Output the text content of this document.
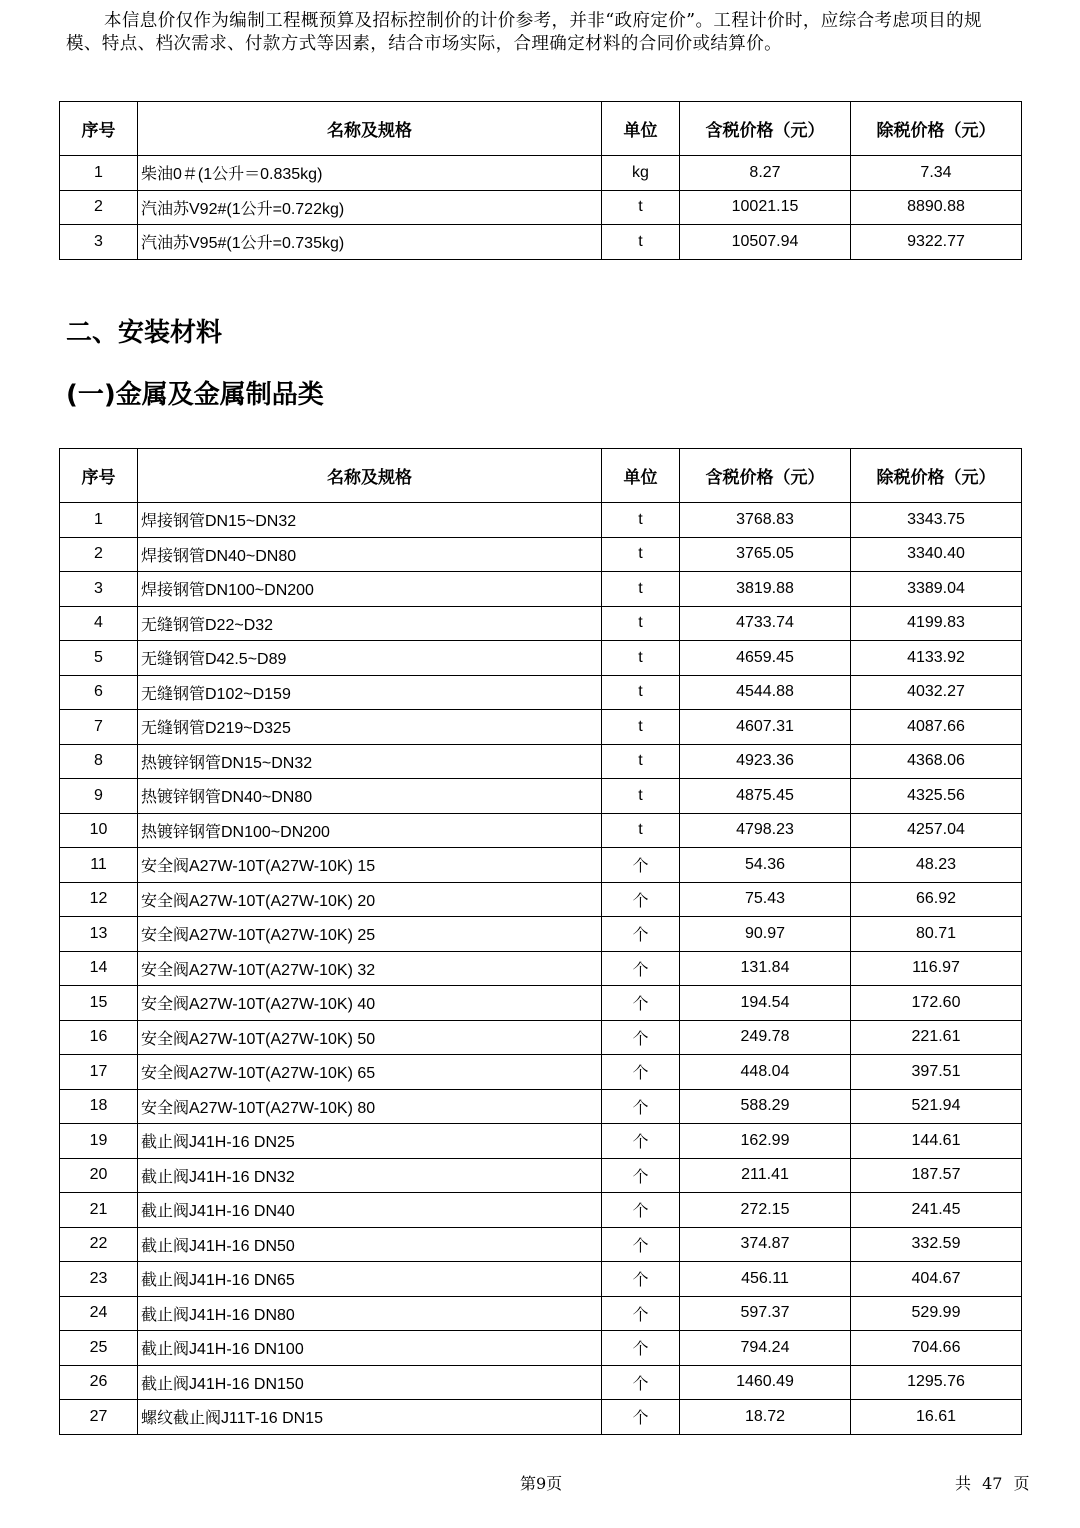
本信息价仅作为编制工程概预算及招标控制价的计价参考，并非“政府定价”。工程计价时，应综合考虑项目的规模、特点、档次需求、付款方式等因素，结合市场实际，合理确定材料的合同价或结算价。
序号	名称及规格	单位	含税价格（元）	除税价格（元）
1	柴油0＃(1公升＝0.835kg)	kg	8.27	7.34
2	汽油苏V92#(1公升=0.722kg)	t	10021.15	8890.88
3	汽油苏V95#(1公升=0.735kg)	t	10507.94	9322.77
二、安装材料
(一)金属及金属制品类
序号	名称及规格	单位	含税价格（元）	除税价格（元）
1	焊接钢管DN15~DN32	t	3768.83	3343.75
2	焊接钢管DN40~DN80	t	3765.05	3340.40
3	焊接钢管DN100~DN200	t	3819.88	3389.04
4	无缝钢管D22~D32	t	4733.74	4199.83
5	无缝钢管D42.5~D89	t	4659.45	4133.92
6	无缝钢管D102~D159	t	4544.88	4032.27
7	无缝钢管D219~D325	t	4607.31	4087.66
8	热镀锌钢管DN15~DN32	t	4923.36	4368.06
9	热镀锌钢管DN40~DN80	t	4875.45	4325.56
10	热镀锌钢管DN100~DN200	t	4798.23	4257.04
11	安全阀A27W-10T(A27W-10K) 15	个	54.36	48.23
12	安全阀A27W-10T(A27W-10K) 20	个	75.43	66.92
13	安全阀A27W-10T(A27W-10K) 25	个	90.97	80.71
14	安全阀A27W-10T(A27W-10K) 32	个	131.84	116.97
15	安全阀A27W-10T(A27W-10K) 40	个	194.54	172.60
16	安全阀A27W-10T(A27W-10K) 50	个	249.78	221.61
17	安全阀A27W-10T(A27W-10K) 65	个	448.04	397.51
18	安全阀A27W-10T(A27W-10K) 80	个	588.29	521.94
19	截止阀J41H-16 DN25	个	162.99	144.61
20	截止阀J41H-16 DN32	个	211.41	187.57
21	截止阀J41H-16 DN40	个	272.15	241.45
22	截止阀J41H-16 DN50	个	374.87	332.59
23	截止阀J41H-16 DN65	个	456.11	404.67
24	截止阀J41H-16 DN80	个	597.37	529.99
25	截止阀J41H-16 DN100	个	794.24	704.66
26	截止阀J41H-16 DN150	个	1460.49	1295.76
27	螺纹截止阀J11T-16 DN15	个	18.72	16.61
第9页	共 47 页
